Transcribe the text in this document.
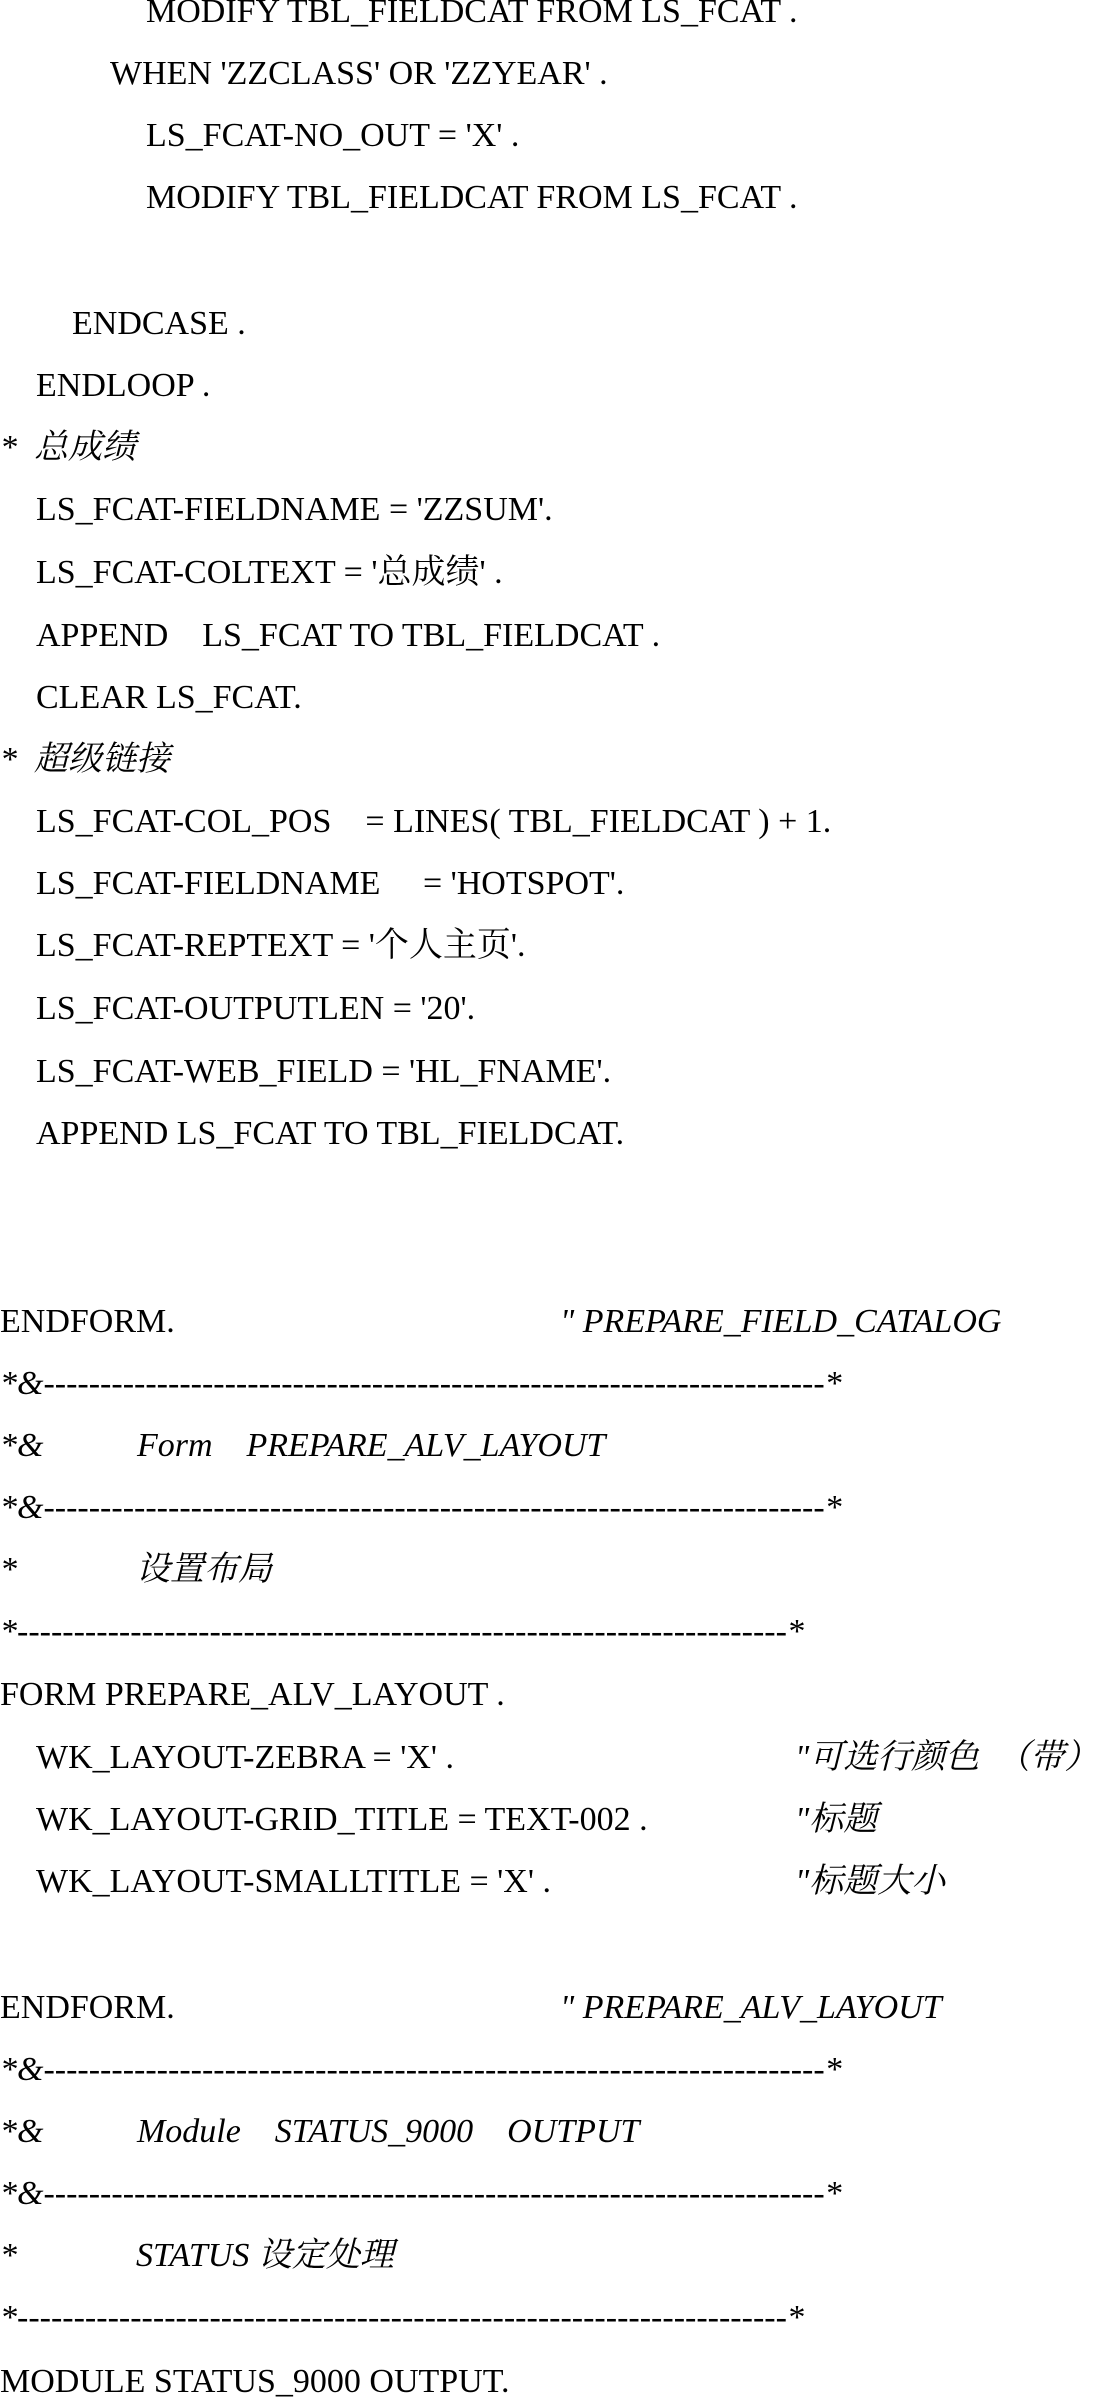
MODIFY TBL_FIELDCAT FROM LS_FCAT .
WHEN 'ZZCLASS' OR 'ZZYEAR' .
LS_FCAT-NO_OUT = 'X' .
MODIFY TBL_FIELDCAT FROM LS_FCAT .
ENDCASE .
ENDLOOP .
*  总成绩
LS_FCAT-FIELDNAME = 'ZZSUM'.
LS_FCAT-COLTEXT = '总成绩' .
APPEND    LS_FCAT TO TBL_FIELDCAT .
CLEAR LS_FCAT.
*  超级链接
LS_FCAT-COL_POS    = LINES( TBL_FIELDCAT ) + 1.
LS_FCAT-FIELDNAME     = 'HOTSPOT'.
LS_FCAT-REPTEXT = '个人主页'.
LS_FCAT-OUTPUTLEN = '20'.
LS_FCAT-WEB_FIELD = 'HL_FNAME'.
APPEND LS_FCAT TO TBL_FIELDCAT.
ENDFORM.	" PREPARE_FIELD_CATALOG
*&---------------------------------------------------------------------*
*&           Form    PREPARE_ALV_LAYOUT
*&---------------------------------------------------------------------*
*              设置布局
*--------------------------------------------------------------------*
FORM PREPARE_ALV_LAYOUT .
WK_LAYOUT-ZEBRA = 'X' .	"可选行颜色  （带）
WK_LAYOUT-GRID_TITLE = TEXT-002 .	"标题
WK_LAYOUT-SMALLTITLE = 'X' .	"标题大小
ENDFORM.	" PREPARE_ALV_LAYOUT
*&---------------------------------------------------------------------*
*&           Module    STATUS_9000    OUTPUT
*&---------------------------------------------------------------------*
*              STATUS 设定处理
*--------------------------------------------------------------------*
MODULE STATUS_9000 OUTPUT.
